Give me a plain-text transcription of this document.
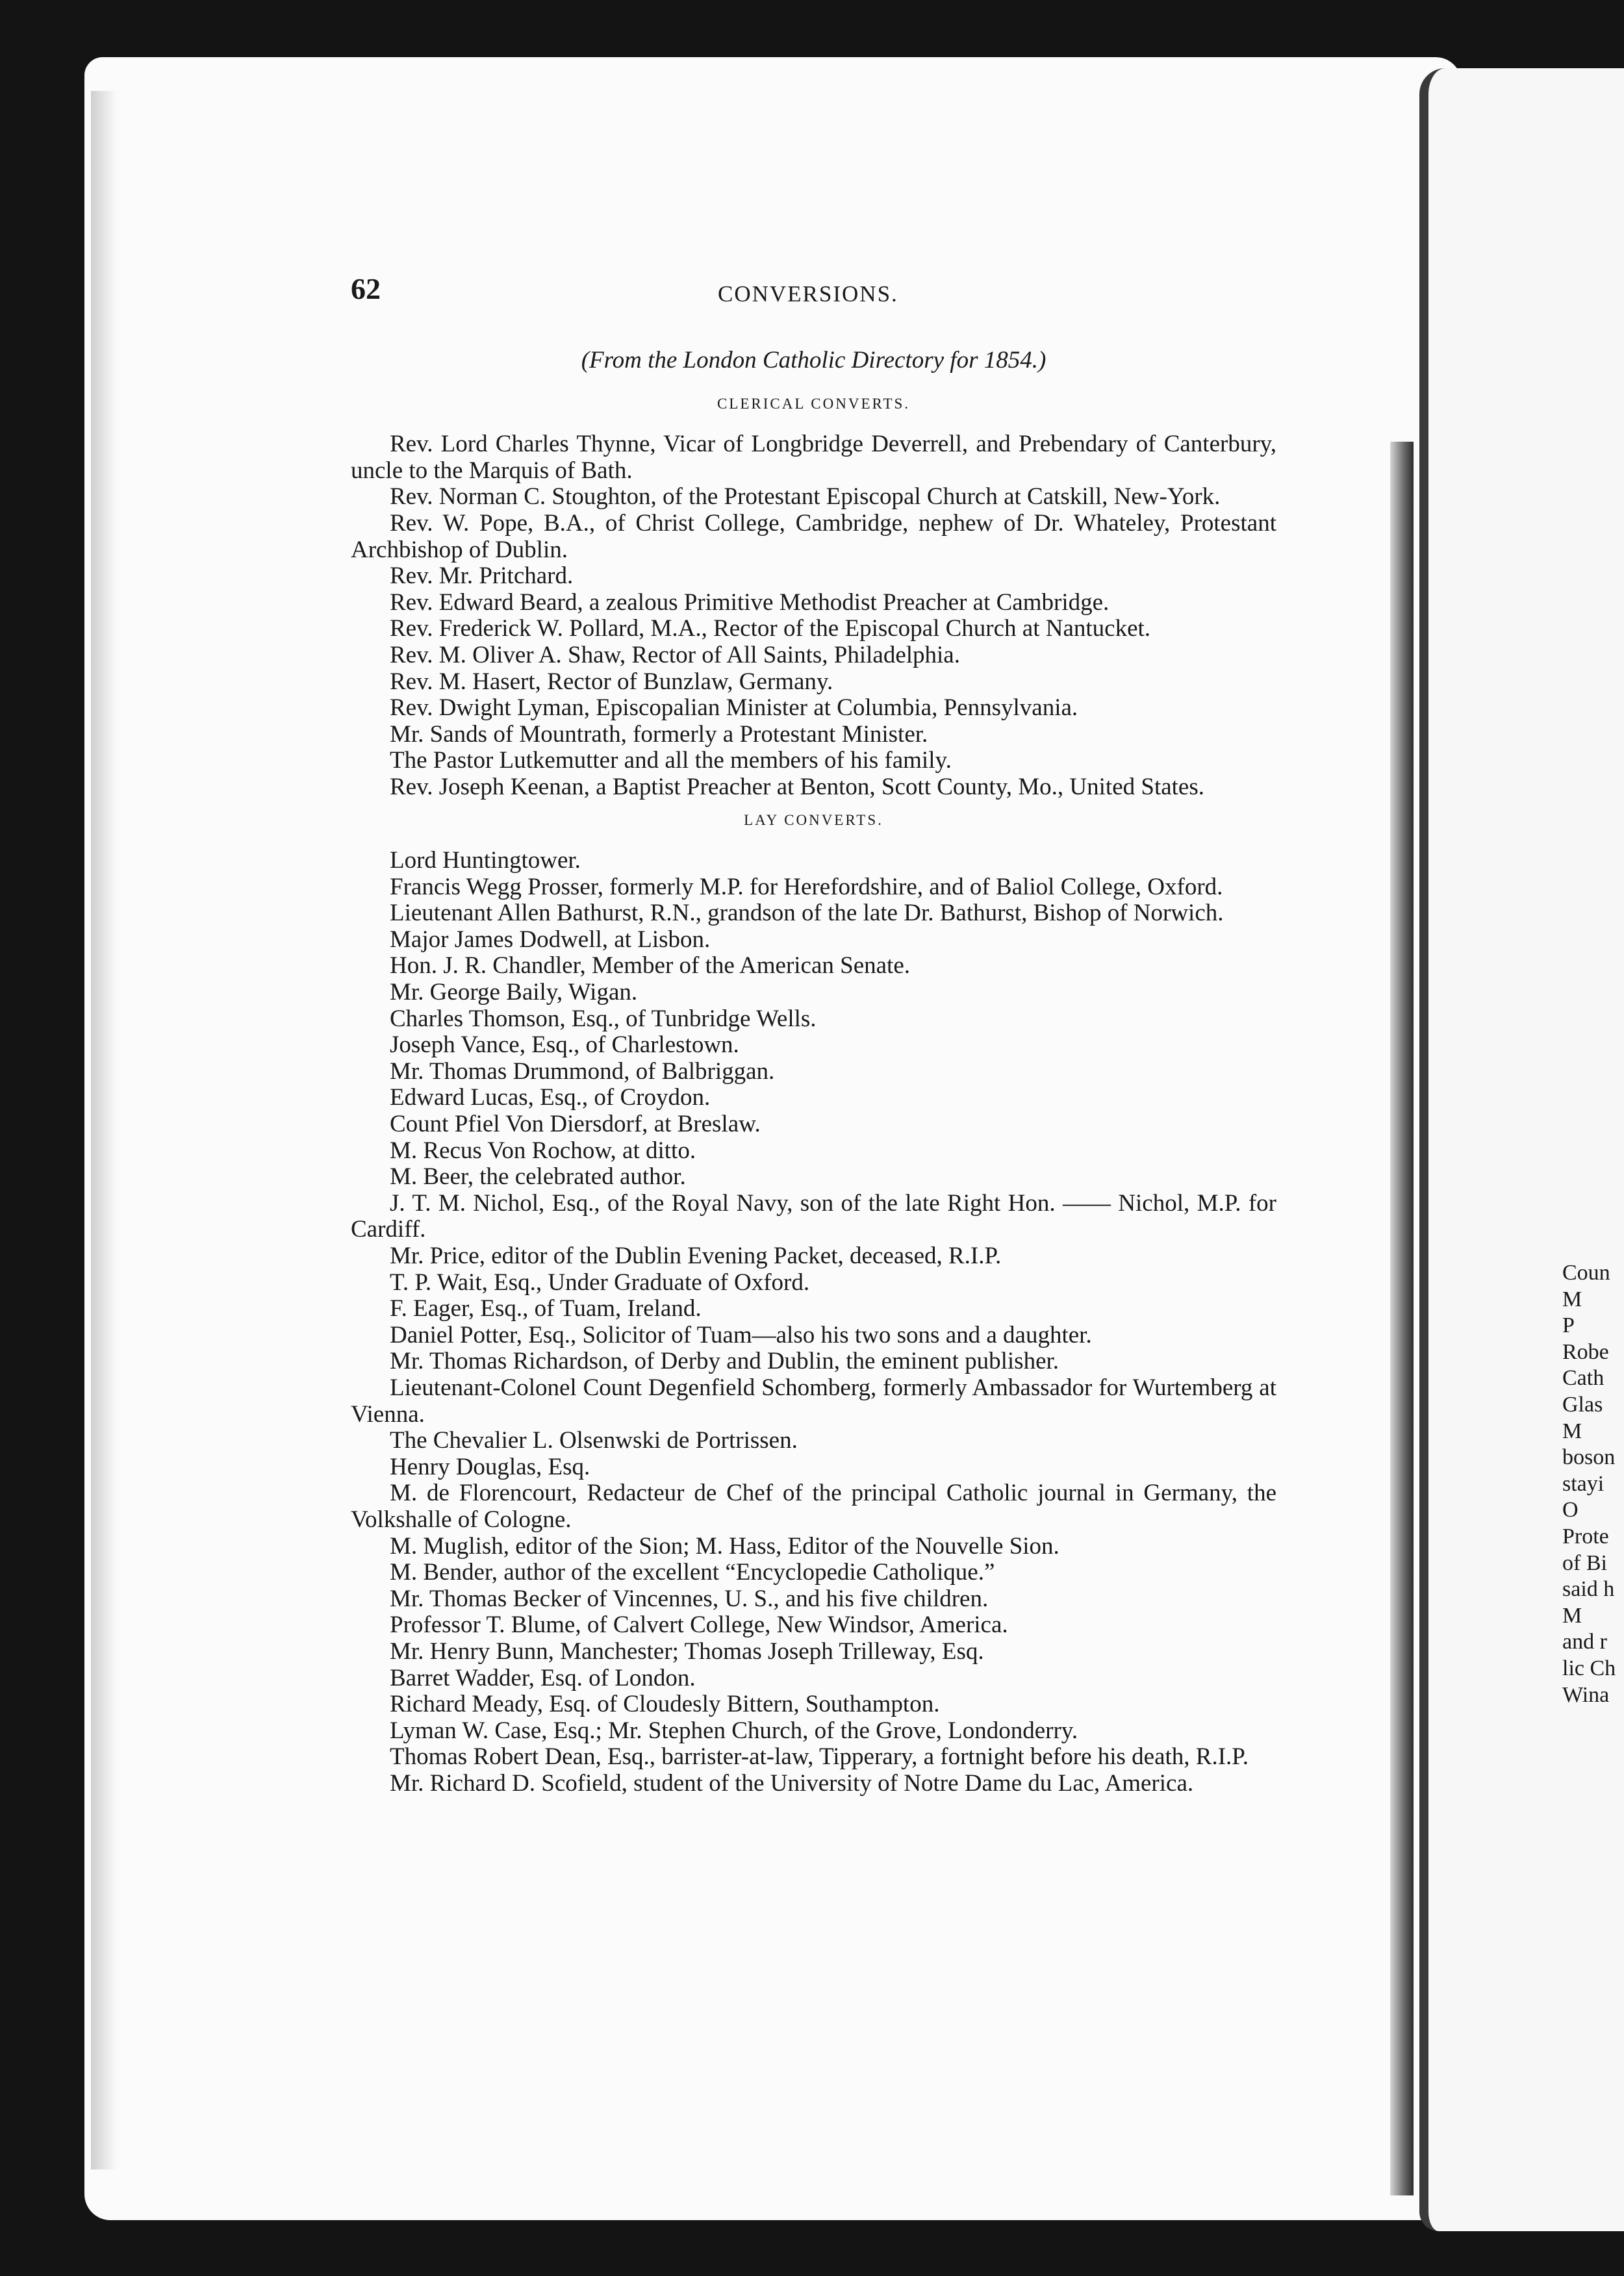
Coun
M
P
Robe
Cath
Glas
M
boson
stayi
O
Prote
of Bi
said h
M
and r
lic Ch
Wina
62	CONVERSIONS.
(From the London Catholic Directory for 1854.)
CLERICAL CONVERTS.

Rev. Lord Charles Thynne, Vicar of Longbridge Deverrell, and Prebendary of Canterbury, uncle to the Marquis of Bath.

Rev. Norman C. Stoughton, of the Protestant Episcopal Church at Catskill, New-York.

Rev. W. Pope, B.A., of Christ College, Cambridge, nephew of Dr. Whateley, Protestant Archbishop of Dublin.

Rev. Mr. Pritchard.

Rev. Edward Beard, a zealous Primitive Methodist Preacher at Cambridge.

Rev. Frederick W. Pollard, M.A., Rector of the Episcopal Church at Nantucket.

Rev. M. Oliver A. Shaw, Rector of All Saints, Philadelphia.

Rev. M. Hasert, Rector of Bunzlaw, Germany.

Rev. Dwight Lyman, Episcopalian Minister at Columbia, Pennsylvania.

Mr. Sands of Mountrath, formerly a Protestant Minister.

The Pastor Lutkemutter and all the members of his family.

Rev. Joseph Keenan, a Baptist Preacher at Benton, Scott County, Mo., United States.

LAY CONVERTS.

Lord Huntingtower.

Francis Wegg Prosser, formerly M.P. for Herefordshire, and of Baliol College, Oxford.

Lieutenant Allen Bathurst, R.N., grandson of the late Dr. Bathurst, Bishop of Norwich.

Major James Dodwell, at Lisbon.

Hon. J. R. Chandler, Member of the American Senate.

Mr. George Baily, Wigan.

Charles Thomson, Esq., of Tunbridge Wells.

Joseph Vance, Esq., of Charlestown.

Mr. Thomas Drummond, of Balbriggan.

Edward Lucas, Esq., of Croydon.

Count Pfiel Von Diersdorf, at Breslaw.

M. Recus Von Rochow, at ditto.

M. Beer, the celebrated author.

J. T. M. Nichol, Esq., of the Royal Navy, son of the late Right Hon. —— Nichol, M.P. for Cardiff.

Mr. Price, editor of the Dublin Evening Packet, deceased, R.I.P.

T. P. Wait, Esq., Under Graduate of Oxford.

F. Eager, Esq., of Tuam, Ireland.

Daniel Potter, Esq., Solicitor of Tuam—also his two sons and a daughter.

Mr. Thomas Richardson, of Derby and Dublin, the eminent publisher.

Lieutenant-Colonel Count Degenfield Schomberg, formerly Ambassador for Wurtemberg at Vienna.

The Chevalier L. Olsenwski de Portrissen.

Henry Douglas, Esq.

M. de Florencourt, Redacteur de Chef of the principal Catholic journal in Germany, the Volkshalle of Cologne.

M. Muglish, editor of the Sion; M. Hass, Editor of the Nouvelle Sion.

M. Bender, author of the excellent “Encyclopedie Catholique.”

Mr. Thomas Becker of Vincennes, U. S., and his five children.

Professor T. Blume, of Calvert College, New Windsor, America.

Mr. Henry Bunn, Manchester; Thomas Joseph Trilleway, Esq.

Barret Wadder, Esq. of London.

Richard Meady, Esq. of Cloudesly Bittern, Southampton.

Lyman W. Case, Esq.; Mr. Stephen Church, of the Grove, Londonderry.

Thomas Robert Dean, Esq., barrister-at-law, Tipperary, a fortnight before his death, R.I.P.

Mr. Richard D. Scofield, student of the University of Notre Dame du Lac, America.
